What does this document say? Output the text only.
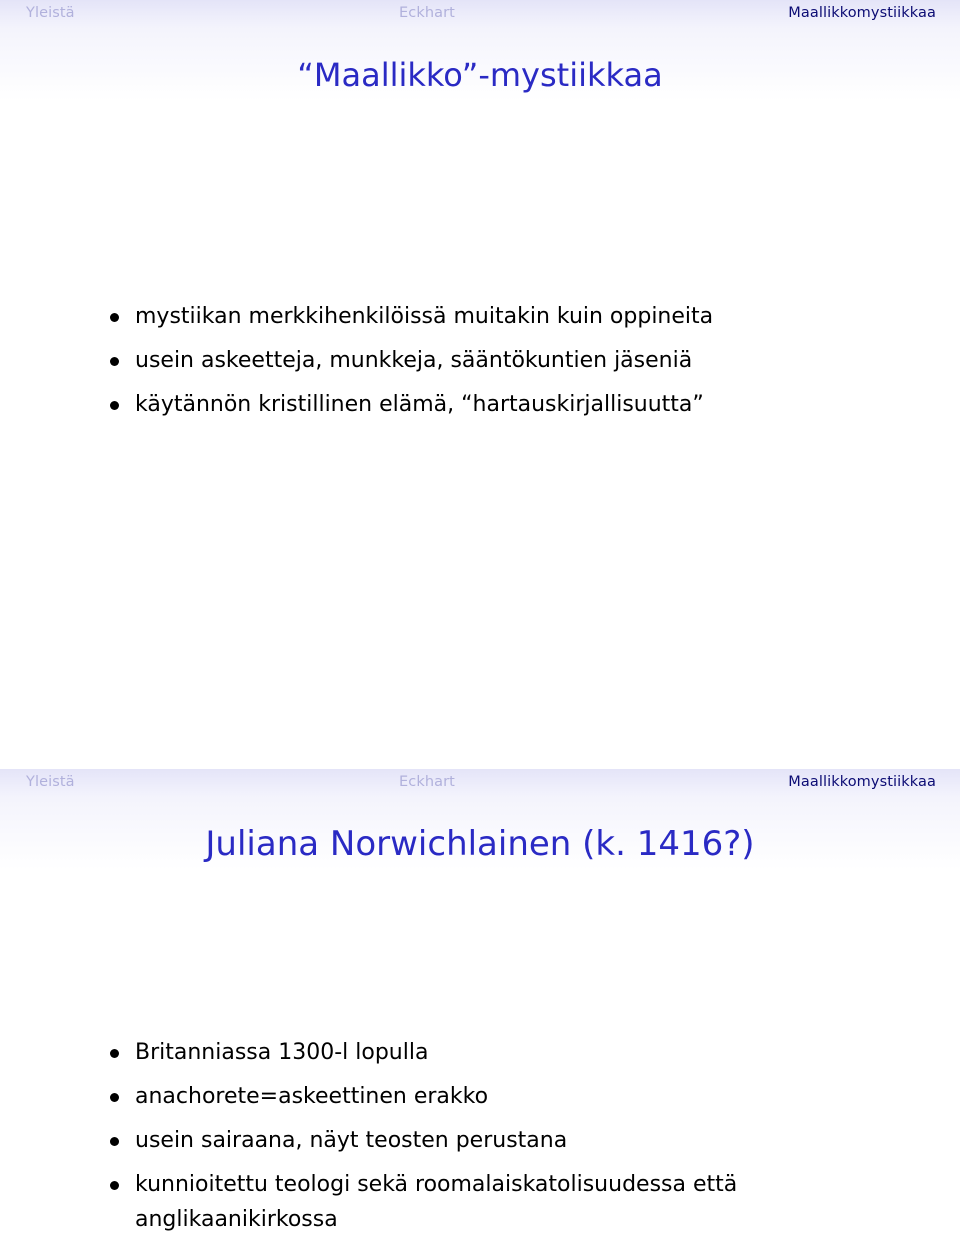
Yleistä	Eckhart	Maallikkomystiikkaa
“Maallikko”-mystiikkaa
mystiikan merkkihenkilöissä muitakin kuin oppineita
usein askeetteja, munkkeja, sääntökuntien jäseniä
käytännön kristillinen elämä, “hartauskirjallisuutta”
Yleistä	Eckhart	Maallikkomystiikkaa
Juliana Norwichlainen (k. 1416?)
Britanniassa 1300-l lopulla
anachorete=askeettinen erakko
usein sairaana, näyt teosten perustana
kunnioitettu teologi sekä roomalaiskatolisuudessa että anglikaanikirkossa
